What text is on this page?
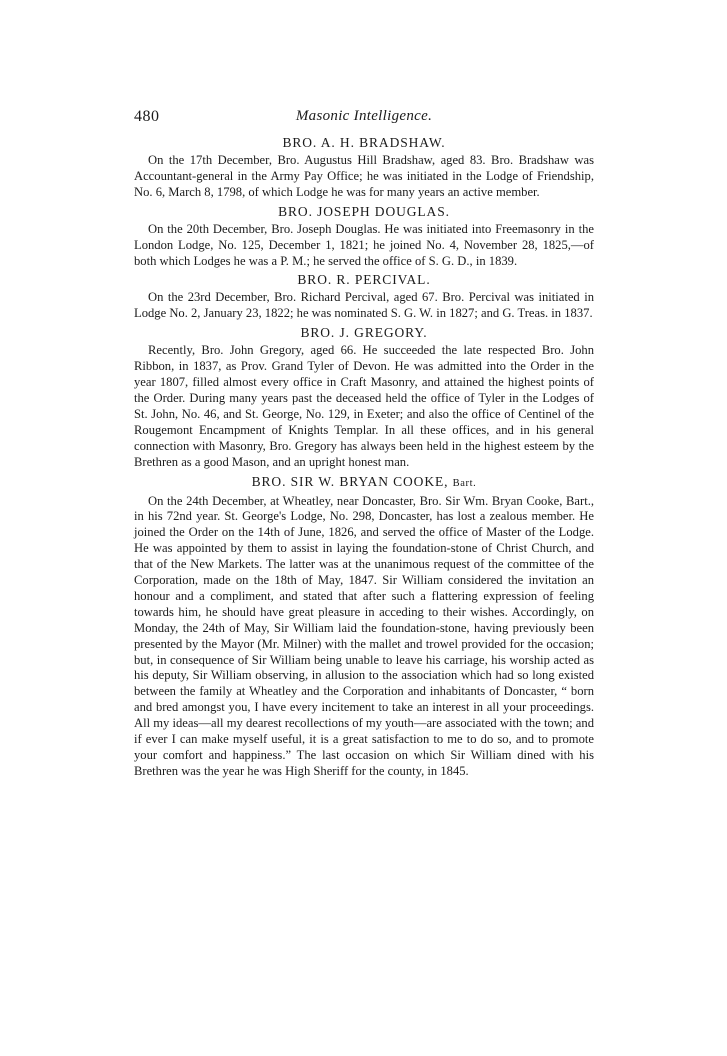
480	Masonic Intelligence.
BRO. A. H. BRADSHAW.

On the 17th December, Bro. Augustus Hill Bradshaw, aged 83. Bro. Bradshaw was Accountant-general in the Army Pay Office; he was initiated in the Lodge of Friendship, No. 6, March 8, 1798, of which Lodge he was for many years an active member.

BRO. JOSEPH DOUGLAS.

On the 20th December, Bro. Joseph Douglas. He was initiated into Freemasonry in the London Lodge, No. 125, December 1, 1821; he joined No. 4, November 28, 1825,—of both which Lodges he was a P. M.; he served the office of S. G. D., in 1839.

BRO. R. PERCIVAL.

On the 23rd December, Bro. Richard Percival, aged 67. Bro. Percival was initiated in Lodge No. 2, January 23, 1822; he was nominated S. G. W. in 1827; and G. Treas. in 1837.

BRO. J. GREGORY.

Recently, Bro. John Gregory, aged 66. He succeeded the late respected Bro. John Ribbon, in 1837, as Prov. Grand Tyler of Devon. He was admitted into the Order in the year 1807, filled almost every office in Craft Masonry, and attained the highest points of the Order. During many years past the deceased held the office of Tyler in the Lodges of St. John, No. 46, and St. George, No. 129, in Exeter; and also the office of Centinel of the Rougemont Encampment of Knights Templar. In all these offices, and in his general connection with Masonry, Bro. Gregory has always been held in the highest esteem by the Brethren as a good Mason, and an upright honest man.

BRO. SIR W. BRYAN COOKE, Bart.

On the 24th December, at Wheatley, near Doncaster, Bro. Sir Wm. Bryan Cooke, Bart., in his 72nd year. St. George's Lodge, No. 298, Doncaster, has lost a zealous member. He joined the Order on the 14th of June, 1826, and served the office of Master of the Lodge. He was appointed by them to assist in laying the foundation-stone of Christ Church, and that of the New Markets. The latter was at the unanimous request of the committee of the Corporation, made on the 18th of May, 1847. Sir William considered the invitation an honour and a compliment, and stated that after such a flattering expression of feeling towards him, he should have great pleasure in acceding to their wishes. Accordingly, on Monday, the 24th of May, Sir William laid the foundation-stone, having previously been presented by the Mayor (Mr. Milner) with the mallet and trowel provided for the occasion; but, in consequence of Sir William being unable to leave his carriage, his worship acted as his deputy, Sir William observing, in allusion to the association which had so long existed between the family at Wheatley and the Corporation and inhabitants of Doncaster, “ born and bred amongst you, I have every incitement to take an interest in all your proceedings. All my ideas—all my dearest recollections of my youth—are associated with the town; and if ever I can make myself useful, it is a great satisfaction to me to do so, and to promote your comfort and happiness.” The last occasion on which Sir William dined with his Brethren was the year he was High Sheriff for the county, in 1845.
